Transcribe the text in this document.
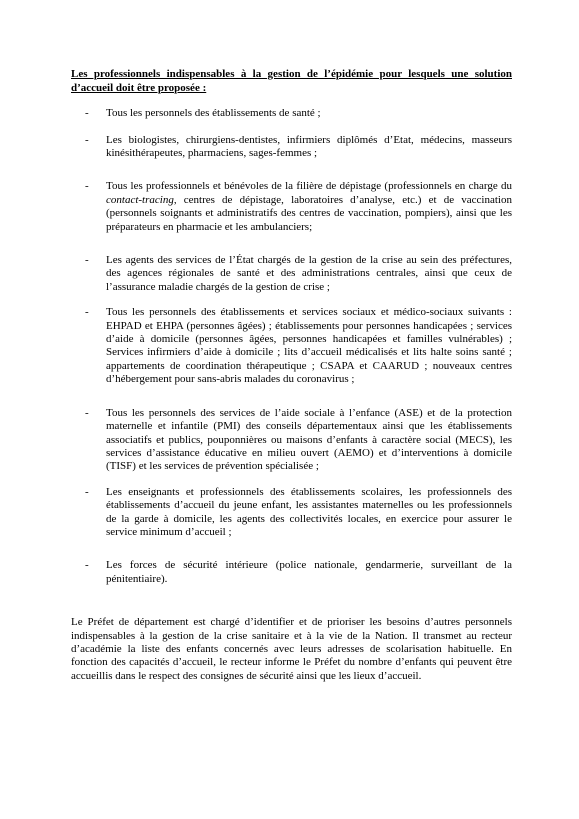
Les professionnels indispensables à la gestion de l’épidémie pour lesquels une solution d’accueil doit être proposée :

- Tous les personnels des établissements de santé ;
- Les biologistes, chirurgiens-dentistes, infirmiers diplômés d’Etat, médecins, masseurs kinésithérapeutes, pharmaciens, sages-femmes ;
- Tous les professionnels et bénévoles de la filière de dépistage (professionnels en charge du contact-tracing, centres de dépistage, laboratoires d’analyse, etc.) et de vaccination (personnels soignants et administratifs des centres de vaccination, pompiers), ainsi que les préparateurs en pharmacie et les ambulanciers;
- Les agents des services de l’État chargés de la gestion de la crise au sein des préfectures, des agences régionales de santé et des administrations centrales, ainsi que ceux de l’assurance maladie chargés de la gestion de crise ;
- Tous les personnels des établissements et services sociaux et médico-sociaux suivants : EHPAD et EHPA (personnes âgées) ; établissements pour personnes handicapées ; services d’aide à domicile (personnes âgées, personnes handicapées et familles vulnérables) ; Services infirmiers d’aide à domicile ; lits d’accueil médicalisés et lits halte soins santé ; appartements de coordination thérapeutique ; CSAPA et CAARUD ; nouveaux centres d’hébergement pour sans-abris malades du coronavirus ;
- Tous les personnels des services de l’aide sociale à l’enfance (ASE) et de la protection maternelle et infantile (PMI) des conseils départementaux ainsi que les établissements associatifs et publics, pouponnières ou maisons d’enfants à caractère social (MECS), les services d’assistance éducative en milieu ouvert (AEMO) et d’interventions à domicile (TISF) et les services de prévention spécialisée ;
- Les enseignants et professionnels des établissements scolaires, les professionnels des établissements d’accueil du jeune enfant, les assistantes maternelles ou les professionnels de la garde à domicile, les agents des collectivités locales, en exercice pour assurer le service minimum d’accueil ;
- Les forces de sécurité intérieure (police nationale, gendarmerie, surveillant de la pénitentiaire).

Le Préfet de département est chargé d’identifier et de prioriser les besoins d’autres personnels indispensables à la gestion de la crise sanitaire et à la vie de la Nation. Il transmet au recteur d’académie la liste des enfants concernés avec leurs adresses de scolarisation habituelle. En fonction des capacités d’accueil, le recteur informe le Préfet du nombre d’enfants qui peuvent être accueillis dans le respect des consignes de sécurité ainsi que les lieux d’accueil.
